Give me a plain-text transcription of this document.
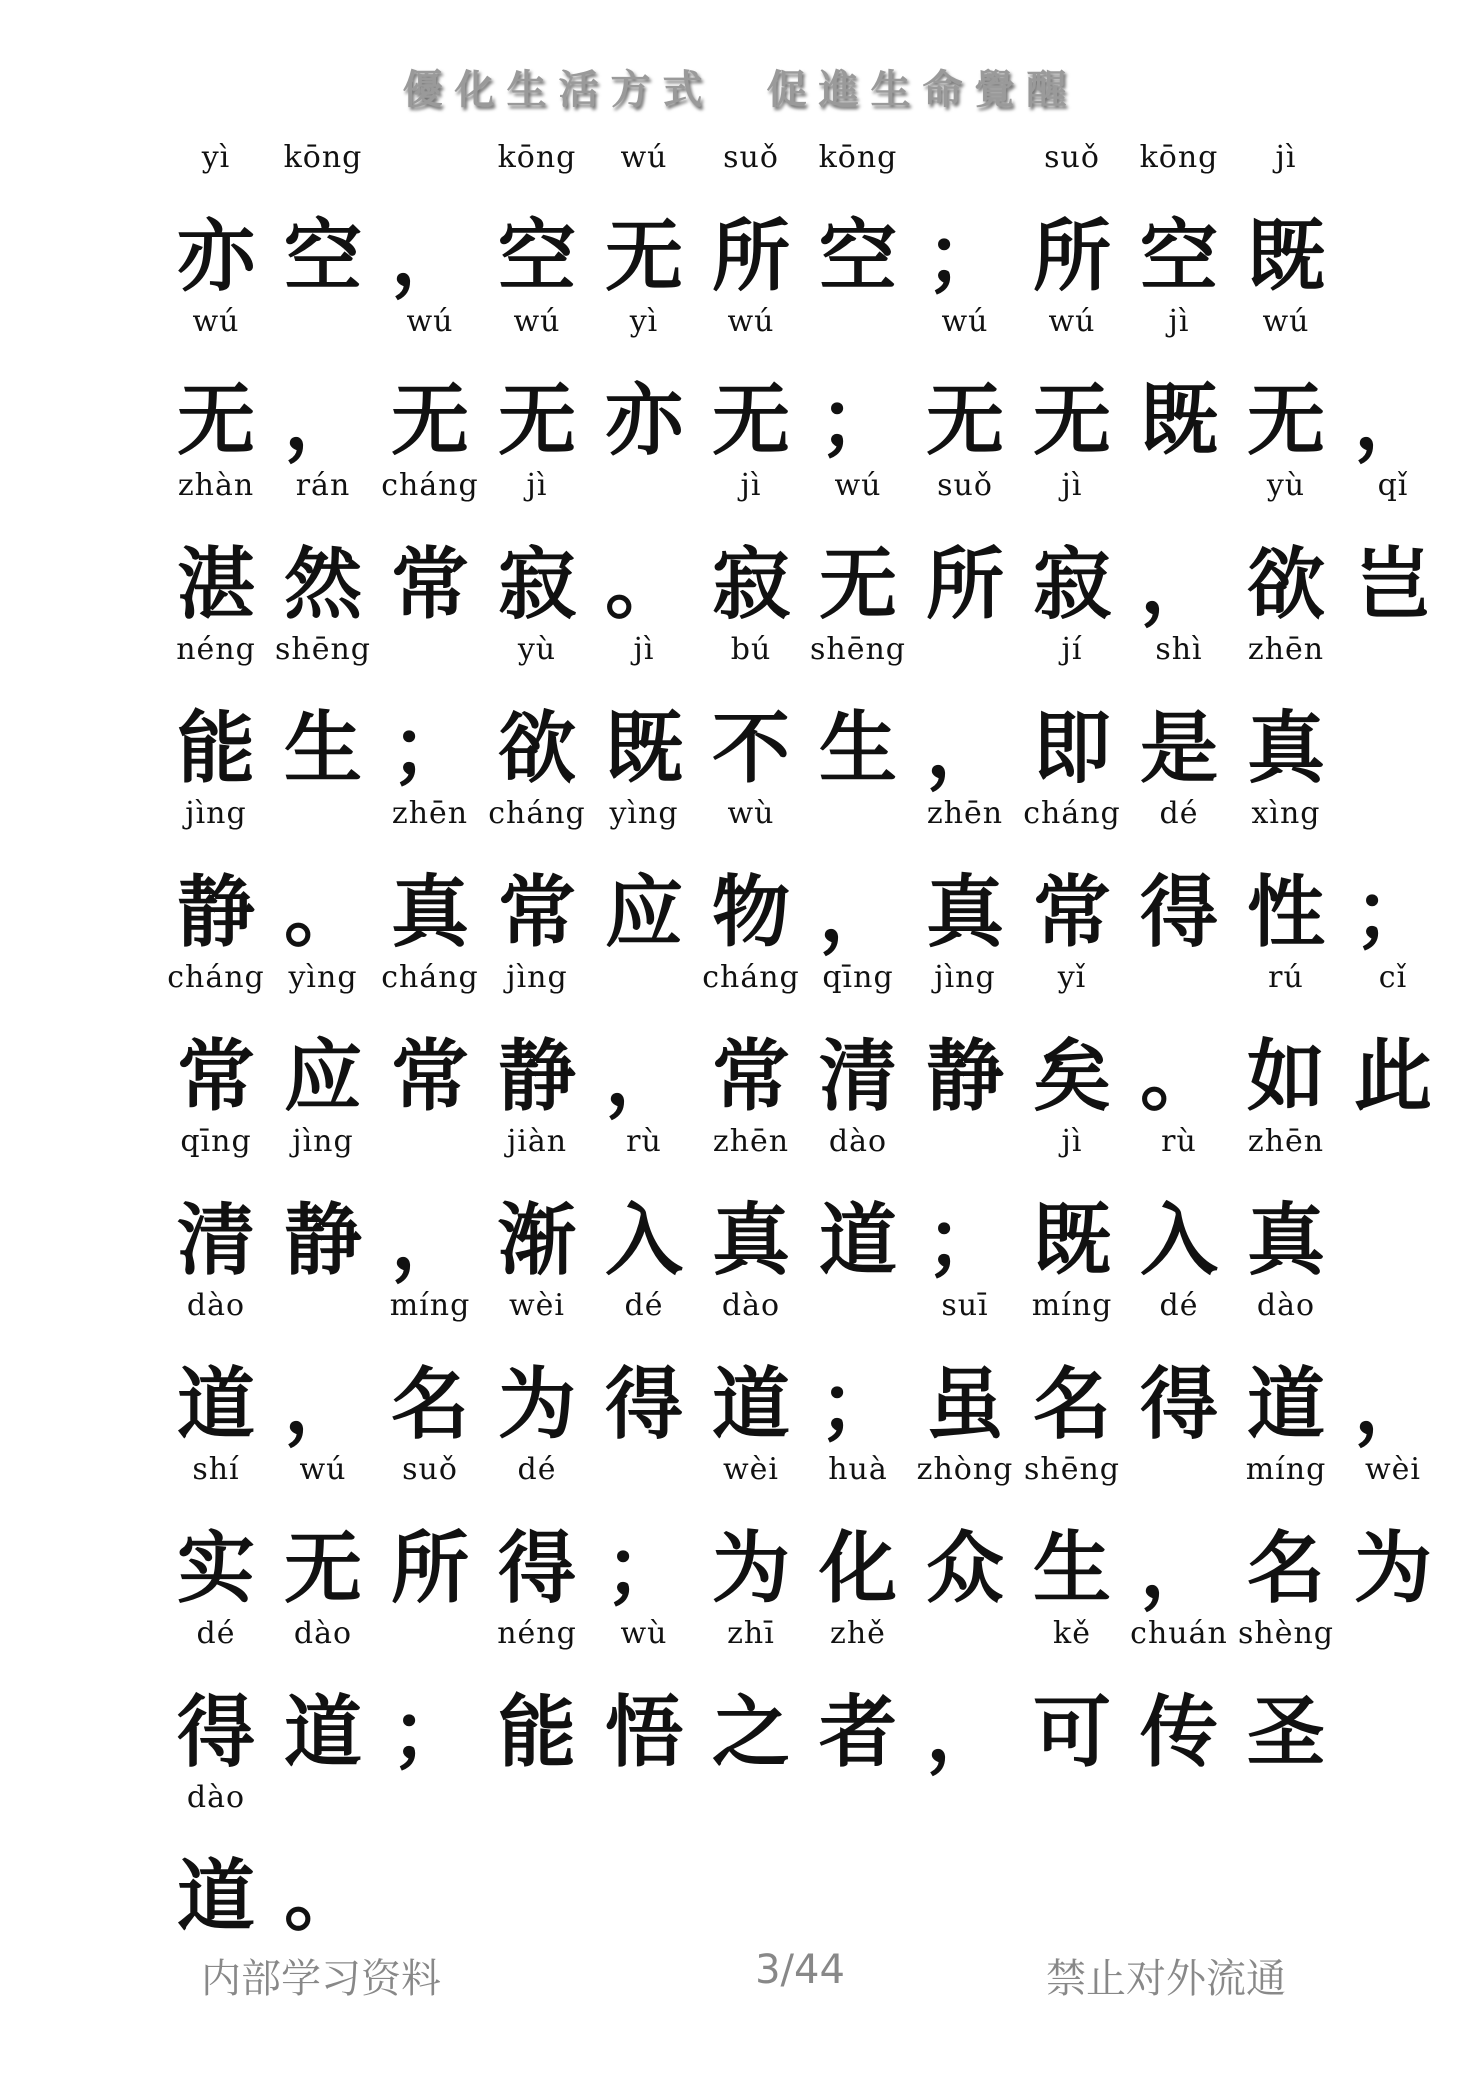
優化生活方式　促進生命覺醒
yì	kōng	kōng	wú	suǒ	kōng	suǒ	kōng	jì
亦 空 ， 空 无 所 空 ； 所 空 既
wú	wú	wú	yì	wú	wú	wú	jì	wú
无 ， 无 无 亦 无 ； 无 无 既 无 ，
zhàn	rán	cháng	jì	jì	wú	suǒ	jì	yù	qǐ
湛 然 常 寂 。 寂 无 所 寂 ， 欲 岂
néng shēng	yù	jì	bú	shēng	jí	shì	zhēn
能 生 ； 欲 既 不 生 ， 即 是 真
jìng	zhēn cháng yìng	wù	zhēn cháng	dé	xìng
静 。 真 常 应 物 ， 真 常 得 性 ；
cháng yìng cháng jìng	cháng qīng	jìng	yǐ	rú	cǐ
常 应 常 静 ， 常 清 静 矣 。 如 此
qīng	jìng	jiàn	rù	zhēn	dào	jì	rù	zhēn
清 静 ， 渐 入 真 道 ； 既 入 真
dào	míng	wèi	dé	dào	suī	míng	dé	dào
道 ， 名 为 得 道 ； 虽 名 得 道 ，
shí	wú	suǒ	dé	wèi	huà zhòng shēng	míng	wèi
实 无 所 得 ； 为 化 众 生 ， 名 为
dé	dào	néng	wù	zhī	zhě	kě	chuán shèng
得 道 ； 能 悟 之 者 ， 可 传 圣
dào
道 。
内部学习资料	3/44	禁止对外流通
